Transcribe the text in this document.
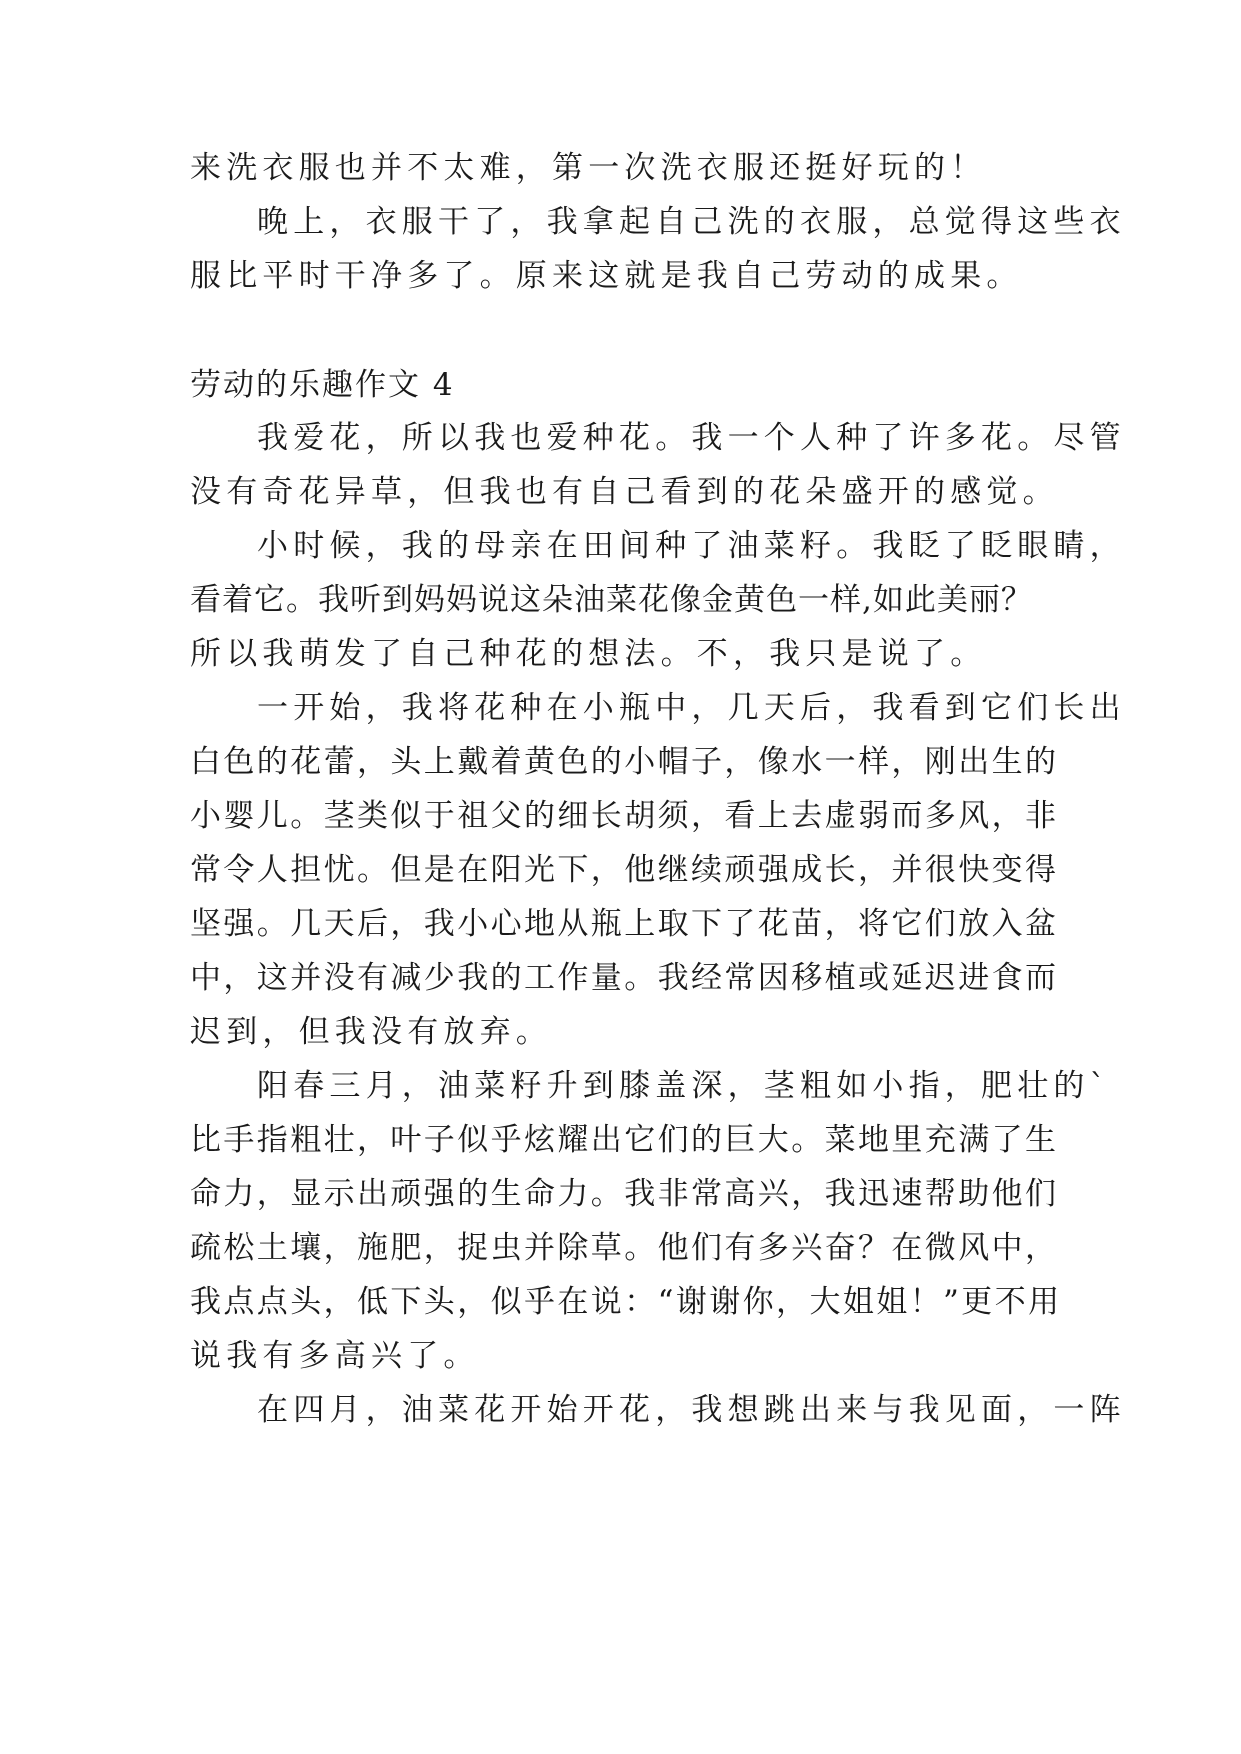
来洗衣服也并不太难，第一次洗衣服还挺好玩的！
晚上，衣服干了，我拿起自己洗的衣服，总觉得这些衣
服比平时干净多了。原来这就是我自己劳动的成果。
劳动的乐趣作文 4
我爱花，所以我也爱种花。我一个人种了许多花。尽管
没有奇花异草，但我也有自己看到的花朵盛开的感觉。
小时候，我的母亲在田间种了油菜籽。我眨了眨眼睛，
看着它。我听到妈妈说这朵油菜花像金黄色一样,如此美丽？
所以我萌发了自己种花的想法。不，我只是说了。
一开始，我将花种在小瓶中，几天后，我看到它们长出
白色的花蕾，头上戴着黄色的小帽子，像水一样，刚出生的
小婴儿。茎类似于祖父的细长胡须，看上去虚弱而多风，非
常令人担忧。但是在阳光下，他继续顽强成长，并很快变得
坚强。几天后，我小心地从瓶上取下了花苗，将它们放入盆
中，这并没有减少我的工作量。我经常因移植或延迟进食而
迟到，但我没有放弃。
阳春三月，油菜籽升到膝盖深，茎粗如小指，肥壮的`
比手指粗壮，叶子似乎炫耀出它们的巨大。菜地里充满了生
命力，显示出顽强的生命力。我非常高兴，我迅速帮助他们
疏松土壤，施肥，捉虫并除草。他们有多兴奋？在微风中，
我点点头，低下头，似乎在说：“谢谢你，大姐姐！”更不用
说我有多高兴了。
在四月，油菜花开始开花，我想跳出来与我见面，一阵
